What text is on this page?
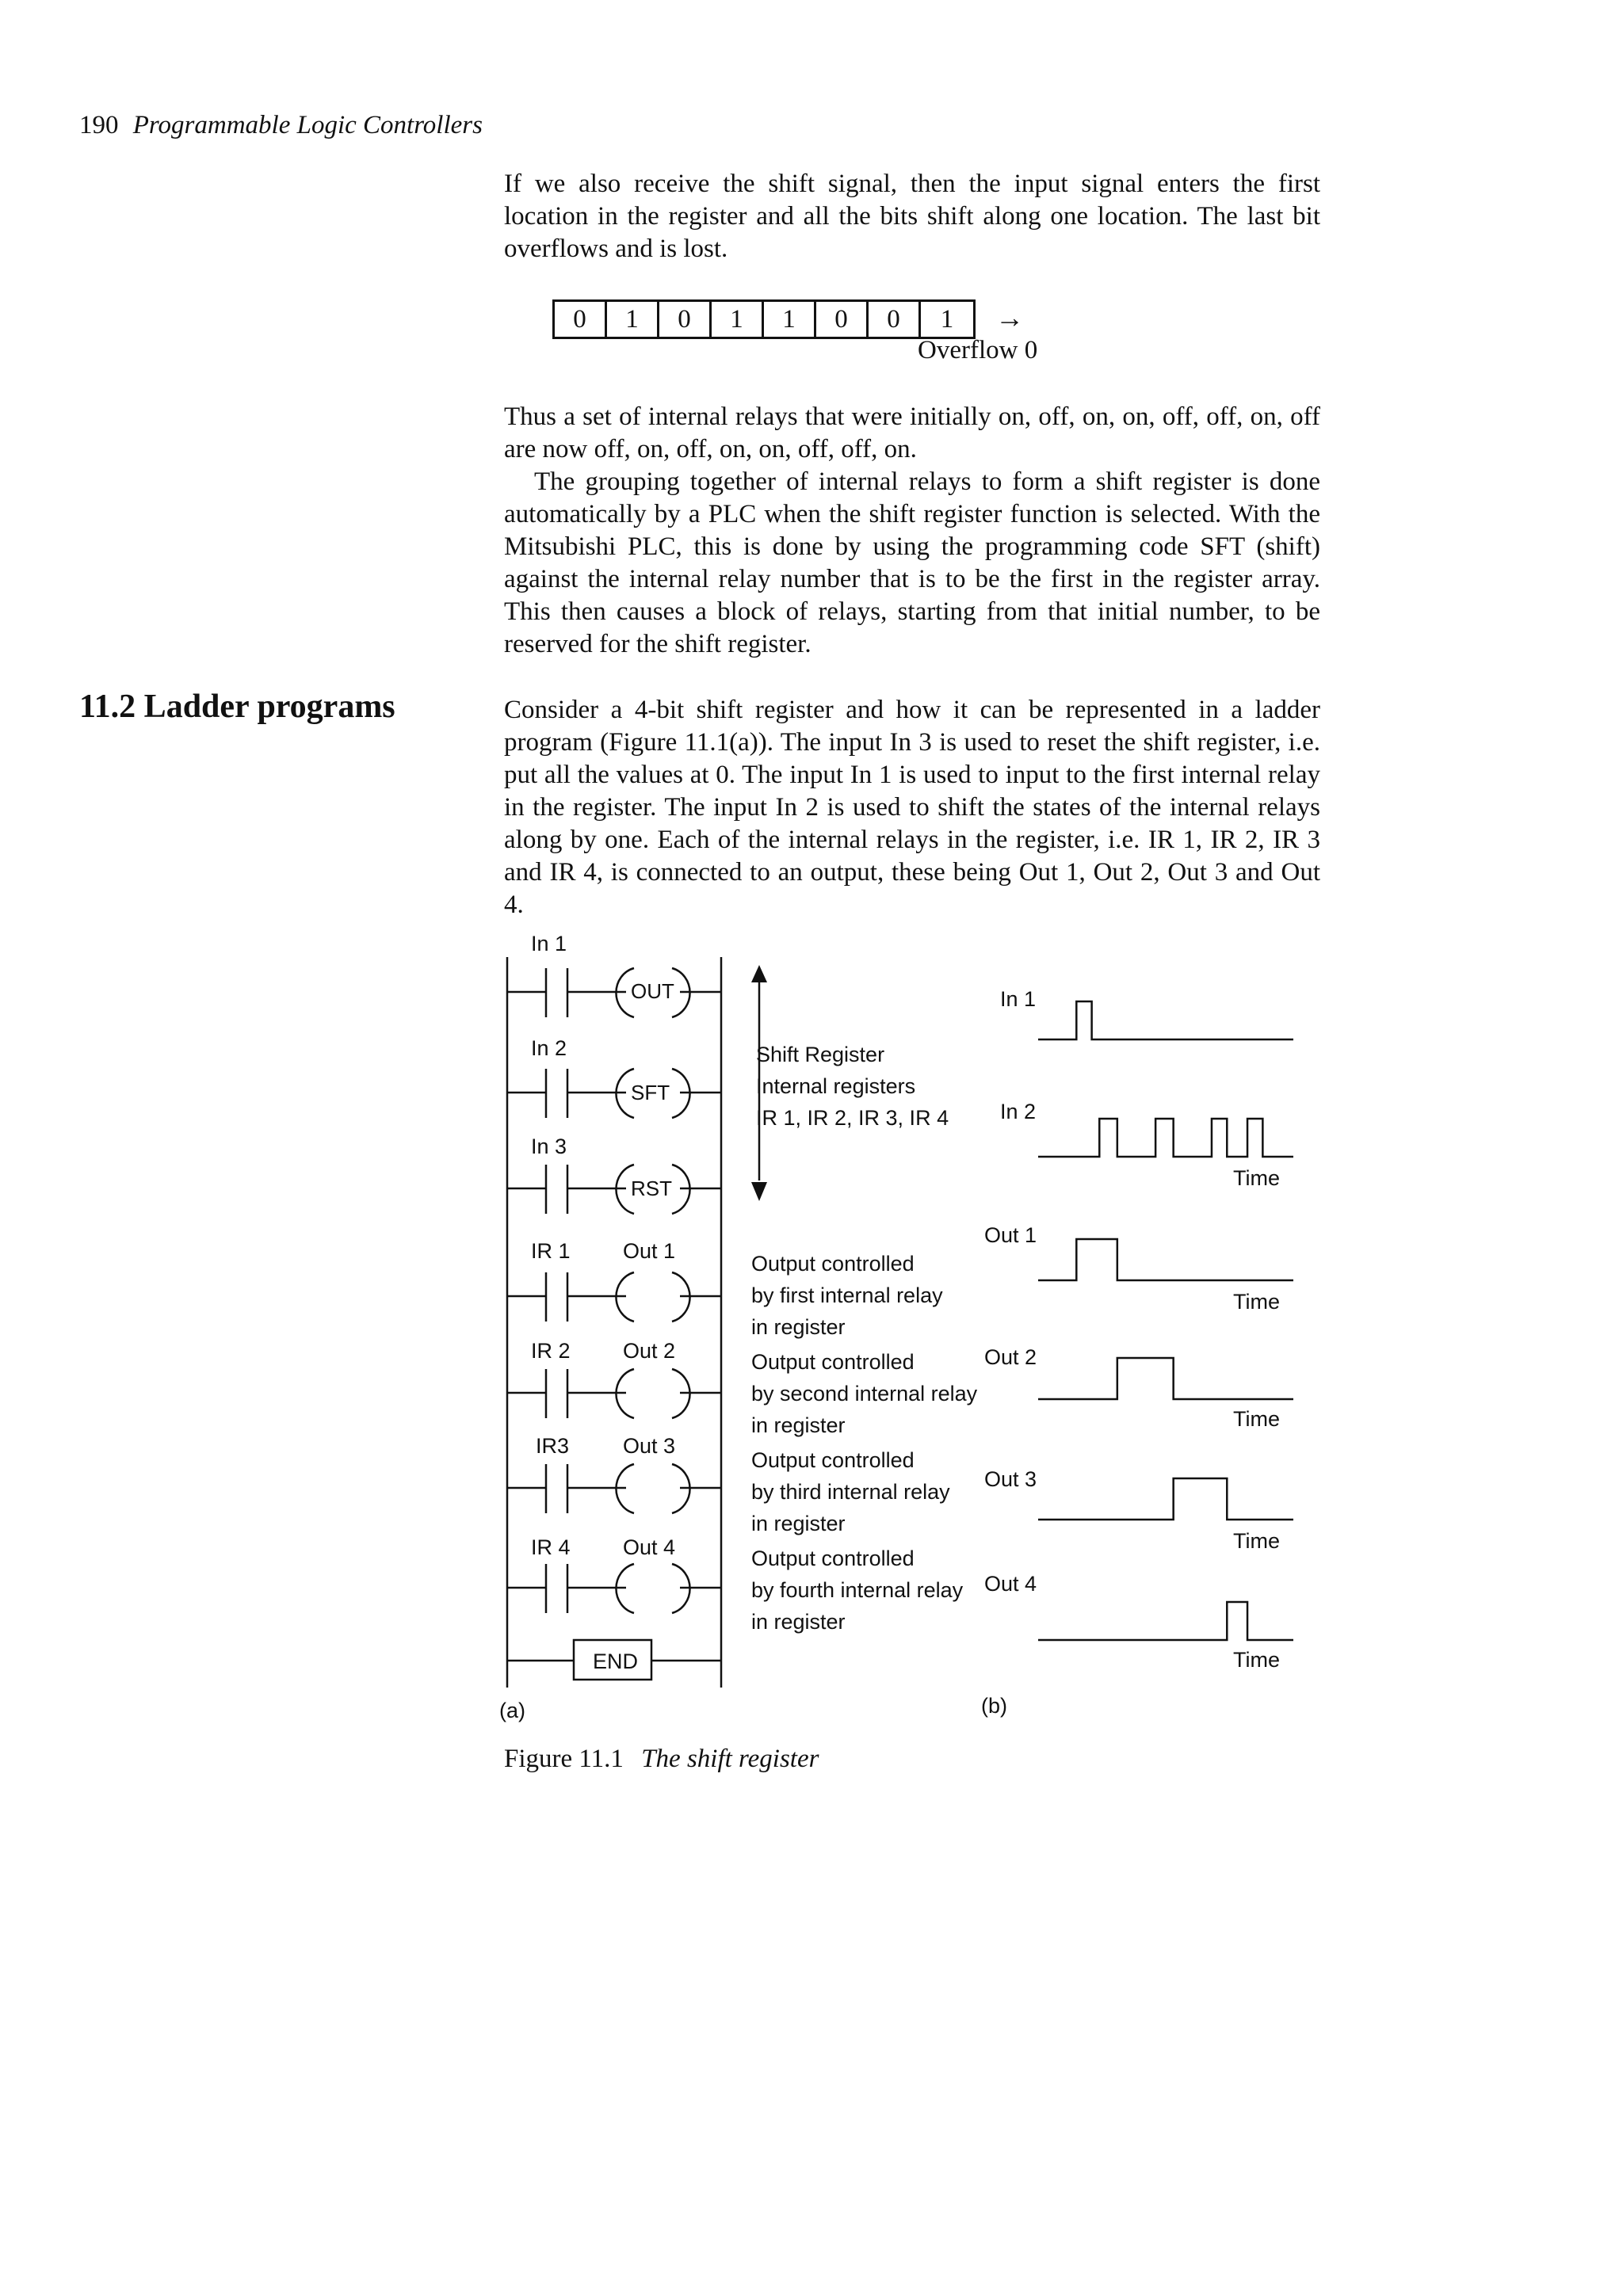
190 Programmable Logic Controllers

If we also receive the shift signal, then the input signal enters the first location in the register and all the bits shift along one location. The last bit overflows and is lost.

0	1	0	1	1	0	0	1	→
Overflow 0

Thus a set of internal relays that were initially on, off, on, on, off, off, on, off are now off, on, off, on, on, off, off, on.

The grouping together of internal relays to form a shift register is done automatically by a PLC when the shift register function is selected. With the Mitsubishi PLC, this is done by using the programming code SFT (shift) against the internal relay number that is to be the first in the register array. This then causes a block of relays, starting from that initial number, to be reserved for the shift register.

11.2 Ladder programs	Consider a 4-bit shift register and how it can be represented in a ladder program (Figure 11.1(a)). The input In 3 is used to reset the shift register, i.e. put all the values at 0. The input In 1 is used to input to the first internal relay in the register. The input In 2 is used to shift the states of the internal relays along by one. Each of the internal relays in the register, i.e. IR 1, IR 2, IR 3 and IR 4, is connected to an output, these being Out 1, Out 2, Out 3 and Out 4.

In 1
OUT
In 2
SFT
In 3
RST
IR 1 Out 1
IR 2 Out 2
IR3	Out 3
IR 4 Out 4
END
(a)
Shift Register
Internal registers
IR 1, IR 2, IR 3, IR 4
Output controlled
by first internal relay
in register
Output controlled
by second internal relay
in register
Output controlled
by third internal relay
in register
Output controlled
by fourth internal relay
in register
(b)
In 1
In 2
Time
Out 1
Time
Out 2
Time
Out 3
Time
Out 4
Time
Figure 11.1 The shift register
